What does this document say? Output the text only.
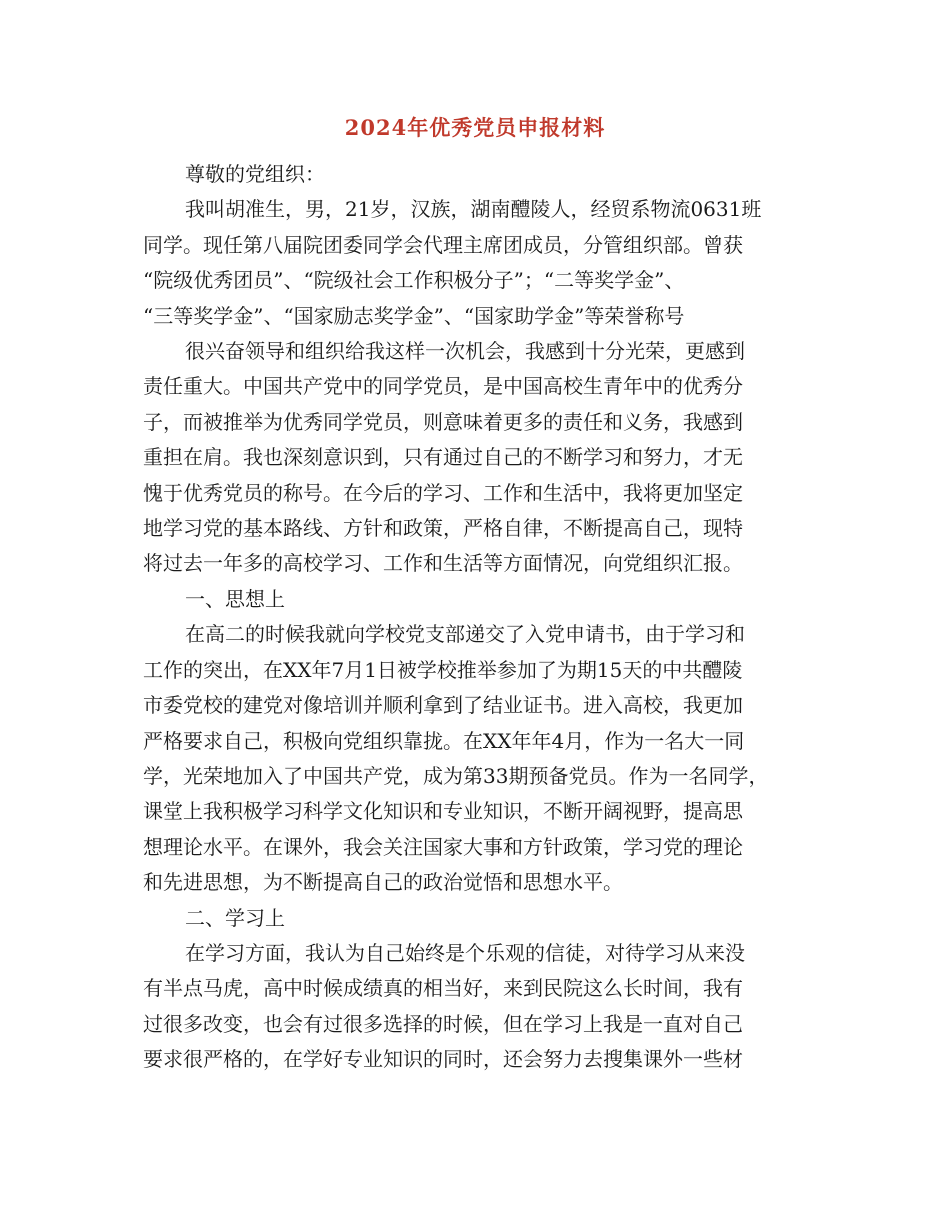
2024年优秀党员申报材料

尊敬的党组织：

我叫胡准生，男，21岁，汉族，湖南醴陵人，经贸系物流0631班
同学。现任第八届院团委同学会代理主席团成员，分管组织部。曾获
“院级优秀团员”、“院级社会工作积极分子”；“二等奖学金”、
“三等奖学金”、“国家励志奖学金”、“国家助学金”等荣誉称号

很兴奋领导和组织给我这样一次机会，我感到十分光荣，更感到
责任重大。中国共产党中的同学党员，是中国高校生青年中的优秀分
子，而被推举为优秀同学党员，则意味着更多的责任和义务，我感到
重担在肩。我也深刻意识到，只有通过自己的不断学习和努力，才无
愧于优秀党员的称号。在今后的学习、工作和生活中，我将更加坚定
地学习党的基本路线、方针和政策，严格自律，不断提高自己，现特
将过去一年多的高校学习、工作和生活等方面情况，向党组织汇报。

一、思想上

在高二的时候我就向学校党支部递交了入党申请书，由于学习和
工作的突出，在XX年7月1日被学校推举参加了为期15天的中共醴陵
市委党校的建党对像培训并顺利拿到了结业证书。进入高校，我更加
严格要求自己，积极向党组织靠拢。在XX年年4月，作为一名大一同
学，光荣地加入了中国共产党，成为第33期预备党员。作为一名同学，
课堂上我积极学习科学文化知识和专业知识，不断开阔视野，提高思
想理论水平。在课外，我会关注国家大事和方针政策，学习党的理论
和先进思想，为不断提高自己的政治觉悟和思想水平。

二、学习上

在学习方面，我认为自己始终是个乐观的信徒，对待学习从来没
有半点马虎，高中时候成绩真的相当好，来到民院这么长时间，我有
过很多改变，也会有过很多选择的时候，但在学习上我是一直对自己
要求很严格的，在学好专业知识的同时，还会努力去搜集课外一些材
